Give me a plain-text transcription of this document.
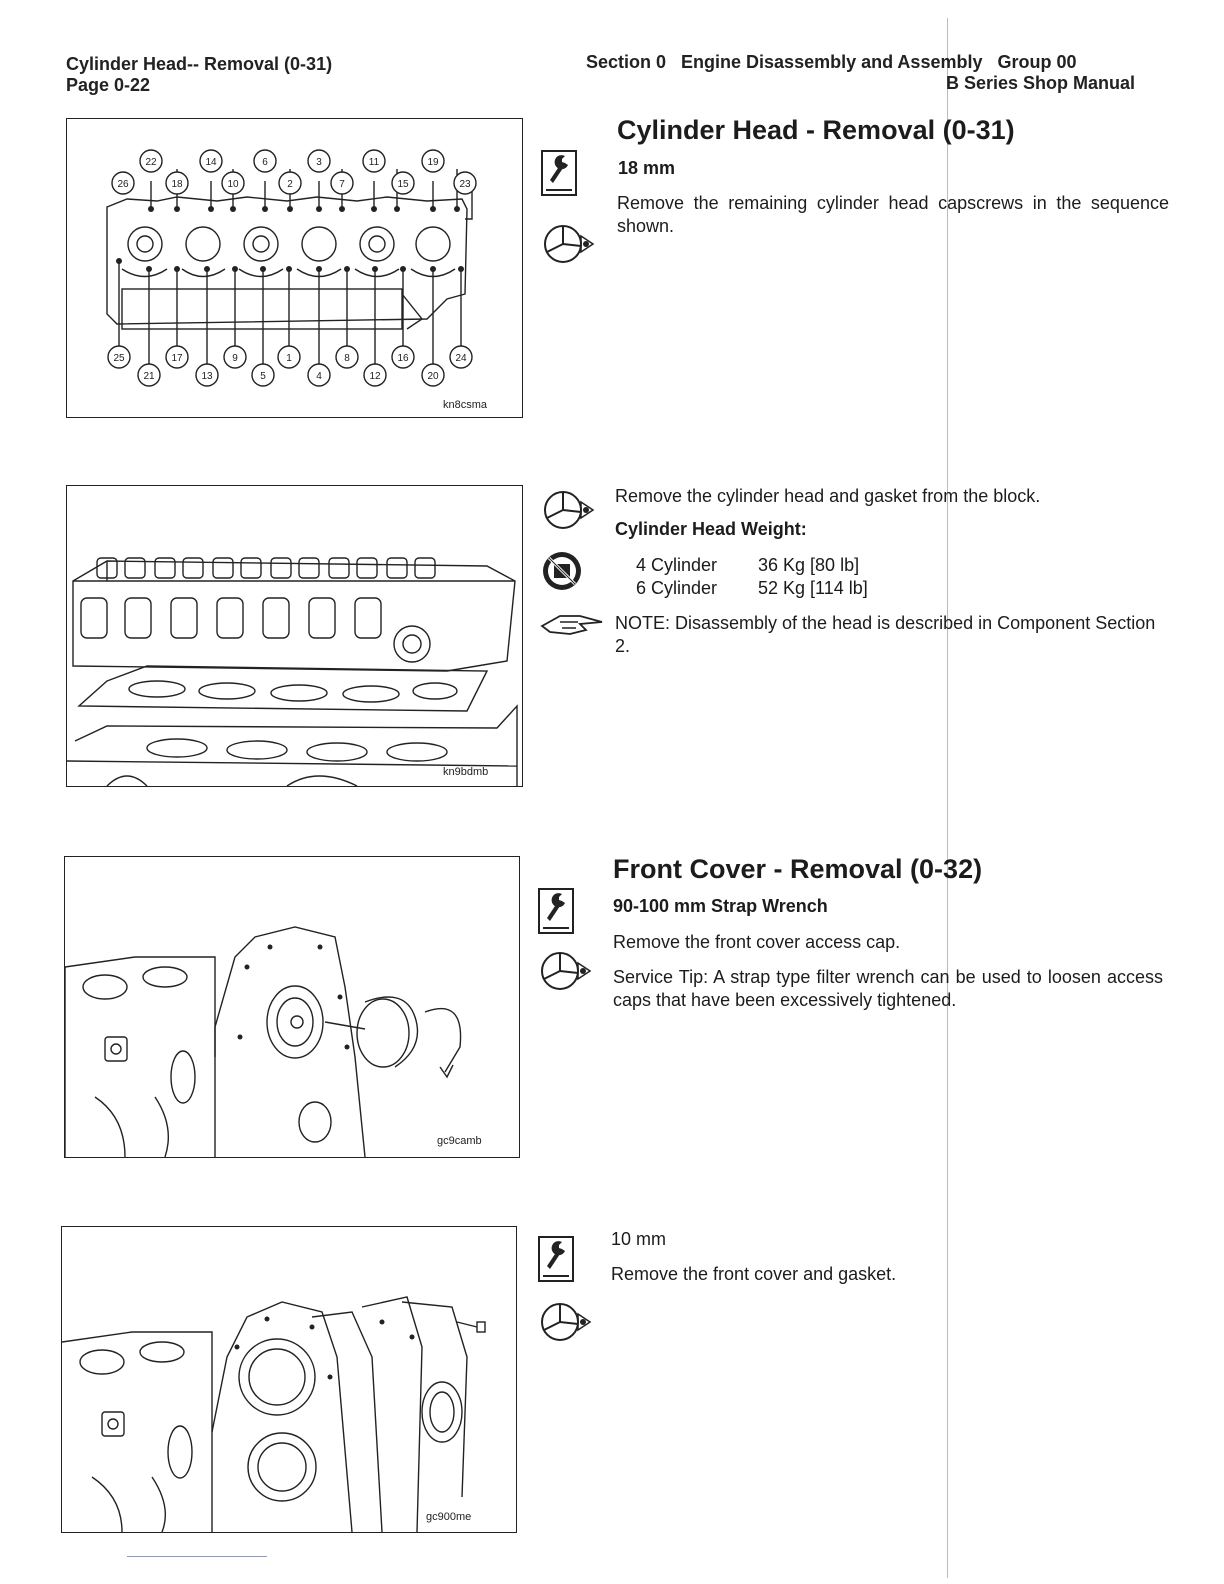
Cylinder Head-- Removal (0-31)
Page 0-22
Section 0   Engine Disassembly and Assembly   Group 00
B Series Shop Manual
22	14	6	3	11	19
26	18	10	2	7	15	23
25	17	9	1	8	16	24
21	13	5	4	12	20
kn8csma
Cylinder Head - Removal (0-31)
18 mm
Remove the remaining cylinder head capscrews in the sequence shown.
kn9bdmb
Remove the cylinder head and gasket from the block.
Cylinder Head Weight:
4 Cylinder 36 Kg [80 lb]
6 Cylinder 52 Kg [114 lb]
NOTE: Disassembly of the head is described in Component Section 2.
gc9camb
Front Cover - Removal (0-32)
90-100 mm Strap Wrench
Remove the front cover access cap.
Service Tip: A strap type filter wrench can be used to loosen access caps that have been excessively tightened.
gc900me
10 mm
Remove the front cover and gasket.
